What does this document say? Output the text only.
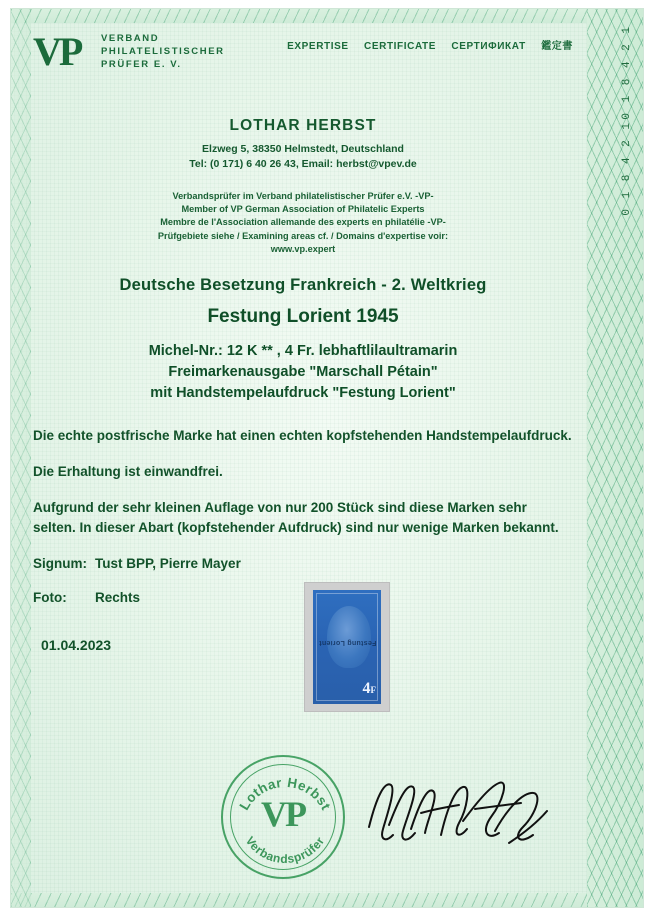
0 1 8 4 2 1
0 1 8 4 2 1
VP	VERBAND
PHILATELISTISCHER
PRÜFER E. V.
EXPERTISE CERTIFICATE СЕРТИФИКАТ 鑑定書
LOTHAR HERBST
Elzweg 5, 38350 Helmstedt, Deutschland
Tel: (0 171) 6 40 26 43, Email: herbst@vpev.de
Verbandsprüfer im Verband philatelistischer Prüfer e.V. -VP-
Member of VP German Association of Philatelic Experts
Membre de l'Association allemande des experts en philatélie -VP-
Prüfgebiete siehe / Examining areas cf. / Domains d'expertise voir:
www.vp.expert
Deutsche Besetzung Frankreich - 2. Weltkrieg
Festung Lorient 1945
Michel-Nr.: 12 K ** , 4 Fr. lebhaftlilaultramarin
Freimarkenausgabe "Marschall Pétain"
mit Handstempelaufdruck "Festung Lorient"

Die echte postfrische Marke hat einen echten kopfstehenden Handstempelaufdruck.

Die Erhaltung ist einwandfrei.

Aufgrund der sehr kleinen Auflage von nur 200 Stück sind diese Marken sehr selten. In dieser Abart (kopfstehender Aufdruck) sind nur wenige Marken bekannt.

Signum: Tust BPP, Pierre Mayer
Foto: Rechts
01.04.2023	Festung Lorient
4F
Lothar Herbst
Verbandsprüfer
VP
